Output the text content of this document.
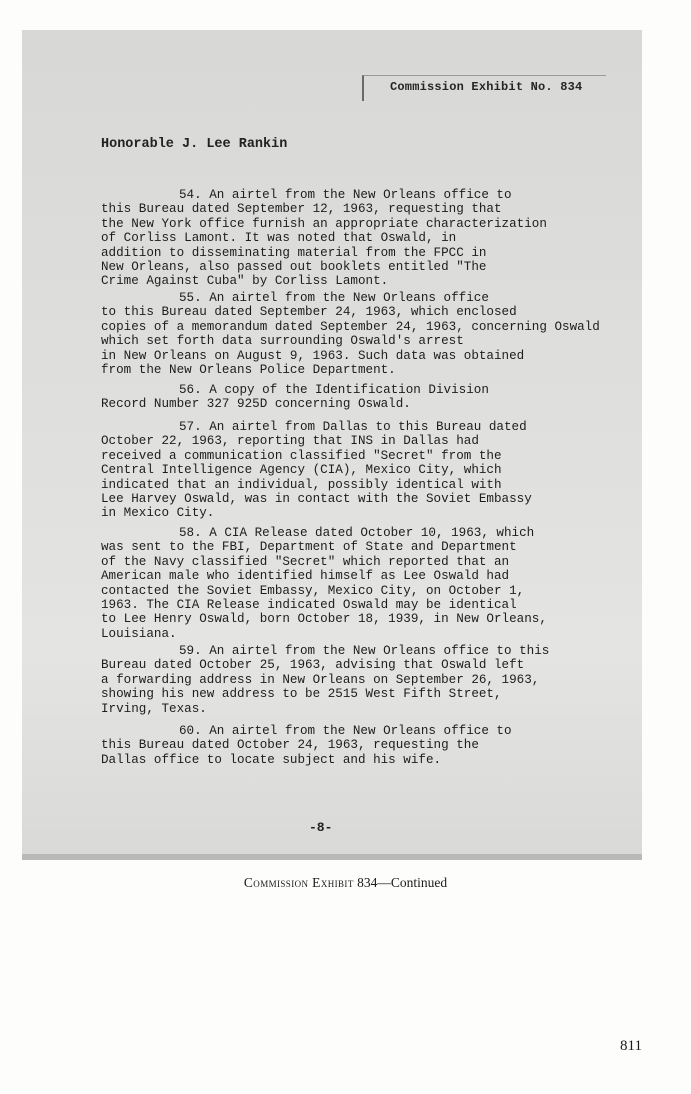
Commission Exhibit No. 834
Honorable J. Lee Rankin
54. An airtel from the New Orleans office to
this Bureau dated September 12, 1963, requesting that
the New York office furnish an appropriate characterization
of Corliss Lamont. It was noted that Oswald, in
addition to disseminating material from the FPCC in
New Orleans, also passed out booklets entitled "The
Crime Against Cuba" by Corliss Lamont.
55. An airtel from the New Orleans office
to this Bureau dated September 24, 1963, which enclosed
copies of a memorandum dated September 24, 1963, concerning Oswald
which set forth data surrounding Oswald's arrest
in New Orleans on August 9, 1963. Such data was obtained
from the New Orleans Police Department.
56. A copy of the Identification Division
Record Number 327 925D concerning Oswald.
57. An airtel from Dallas to this Bureau dated
October 22, 1963, reporting that INS in Dallas had
received a communication classified "Secret" from the
Central Intelligence Agency (CIA), Mexico City, which
indicated that an individual, possibly identical with
Lee Harvey Oswald, was in contact with the Soviet Embassy
in Mexico City.
58. A CIA Release dated October 10, 1963, which
was sent to the FBI, Department of State and Department
of the Navy classified "Secret" which reported that an
American male who identified himself as Lee Oswald had
contacted the Soviet Embassy, Mexico City, on October 1,
1963. The CIA Release indicated Oswald may be identical
to Lee Henry Oswald, born October 18, 1939, in New Orleans,
Louisiana.
59. An airtel from the New Orleans office to this
Bureau dated October 25, 1963, advising that Oswald left
a forwarding address in New Orleans on September 26, 1963,
showing his new address to be 2515 West Fifth Street,
Irving, Texas.
60. An airtel from the New Orleans office to
this Bureau dated October 24, 1963, requesting the
Dallas office to locate subject and his wife.
-8-
Commission Exhibit 834—Continued
811
